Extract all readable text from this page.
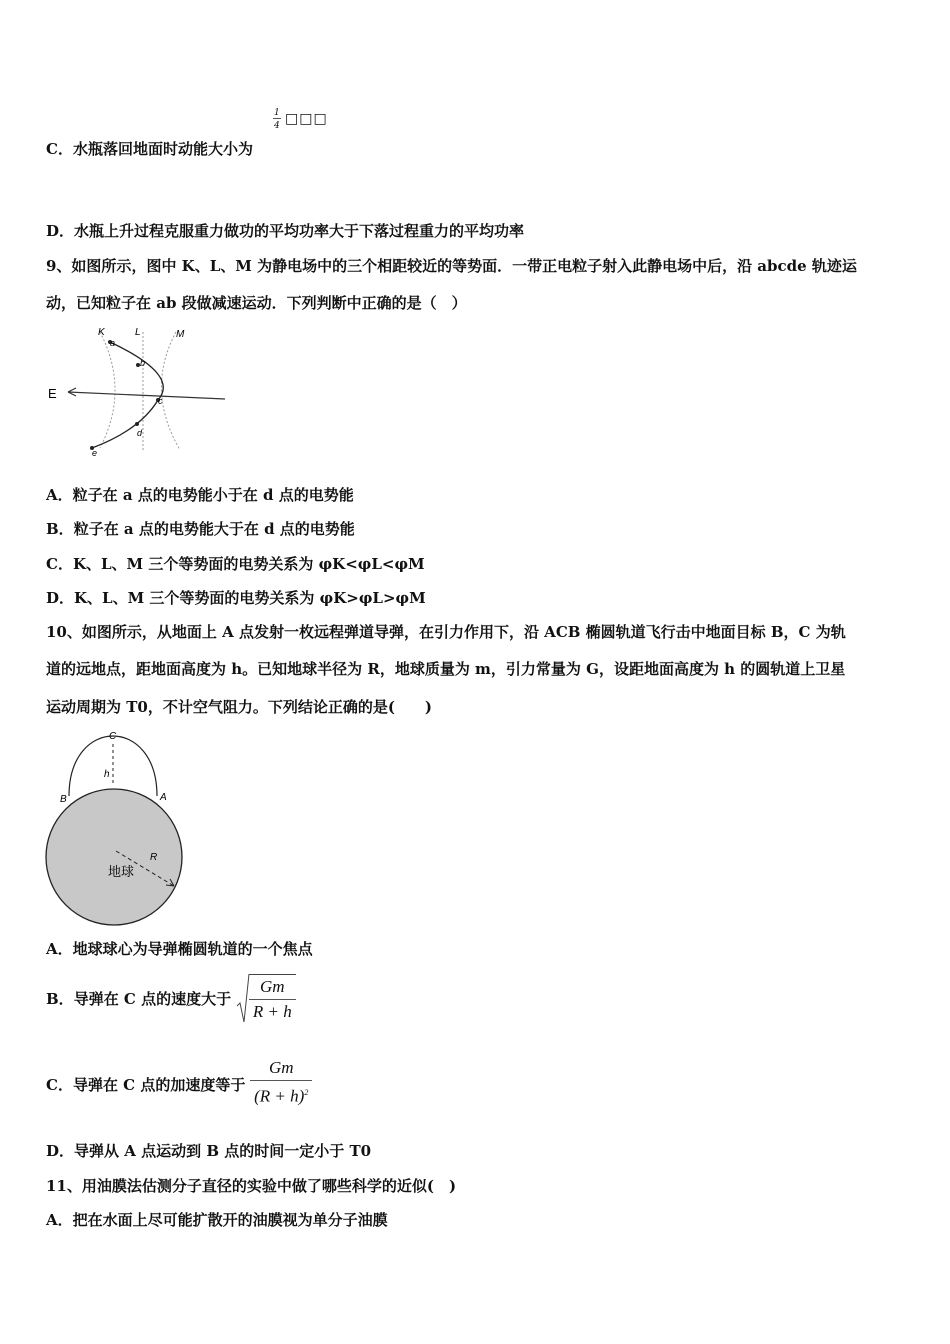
C．水瓶落回地面时动能大小为
1
4 □□□
D．水瓶上升过程克服重力做功的平均功率大于下落过程重力的平均功率
9、如图所示，图中 K、L、M 为静电场中的三个相距较近的等势面．一带正电粒子射入此静电场中后，沿 abcde 轨迹运
动，已知粒子在 ab 段做减速运动．下列判断中正确的是（　）
K	L	M
E
a
b
c
d
e
A．粒子在 a 点的电势能小于在 d 点的电势能
B．粒子在 a 点的电势能大于在 d 点的电势能
C．K、L、M 三个等势面的电势关系为 φK<φL<φM
D．K、L、M 三个等势面的电势关系为 φK>φL>φM
10、如图所示，从地面上 A 点发射一枚远程弹道导弹，在引力作用下，沿 ACB 椭圆轨道飞行击中地面目标 B，C 为轨
道的远地点，距地面高度为 h。已知地球半径为 R，地球质量为 m，引力常量为 G，设距地面高度为 h 的圆轨道上卫星
运动周期为 T0，不计空气阻力。下列结论正确的是(　　)
C
h
B	A
R
地球
A．地球球心为导弹椭圆轨道的一个焦点
B．导弹在 C 点的速度大于 $\frac{Gm}{R + h}$
C．导弹在 C 点的加速度等于 $\frac{Gm}{(R + h)^2}$
D．导弹从 A 点运动到 B 点的时间一定小于 T0
11、用油膜法估测分子直径的实验中做了哪些科学的近似(　)
A．把在水面上尽可能扩散开的油膜视为单分子油膜
